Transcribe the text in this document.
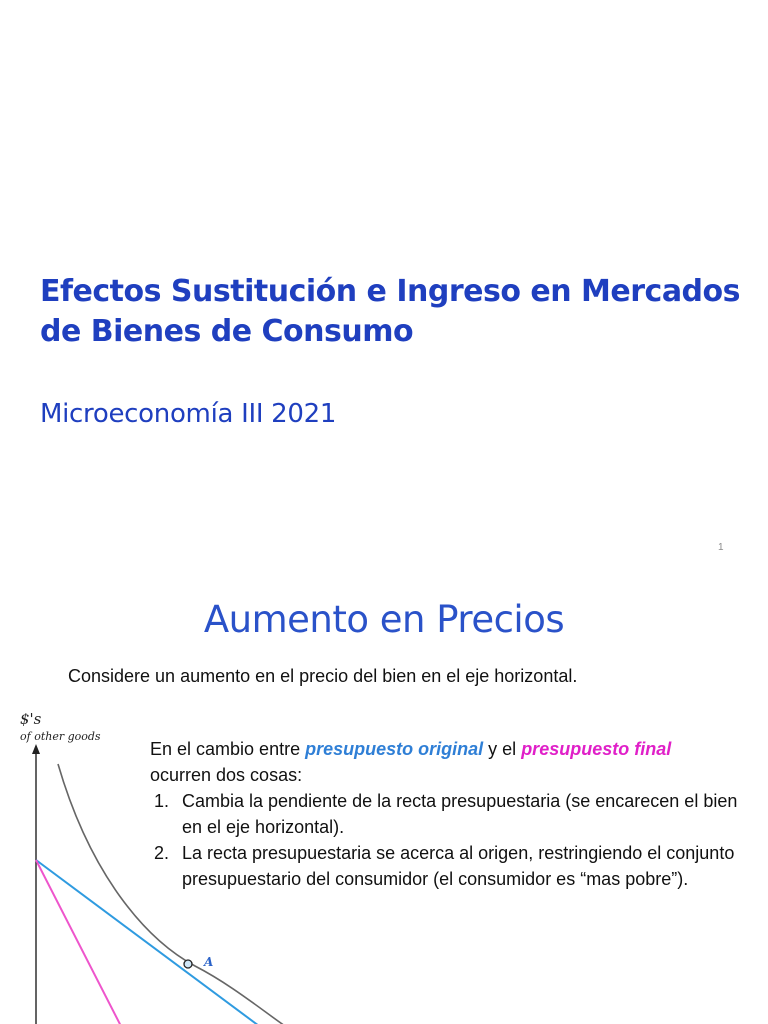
Efectos Sustitución e Ingreso en Mercados de Bienes de Consumo
Microeconomía III 2021
1
Aumento en Precios
Considere un aumento en el precio del bien en el eje horizontal.
$'s
of other goods
A

En el cambio entre presupuesto original y el presupuesto final
ocurren dos cosas:

1. Cambia la pendiente de la recta presupuestaria (se encarecen el bien en el eje horizontal).
2. La recta presupuestaria se acerca al origen, restringiendo el conjunto presupuestario del consumidor (el consumidor es “mas pobre”).
